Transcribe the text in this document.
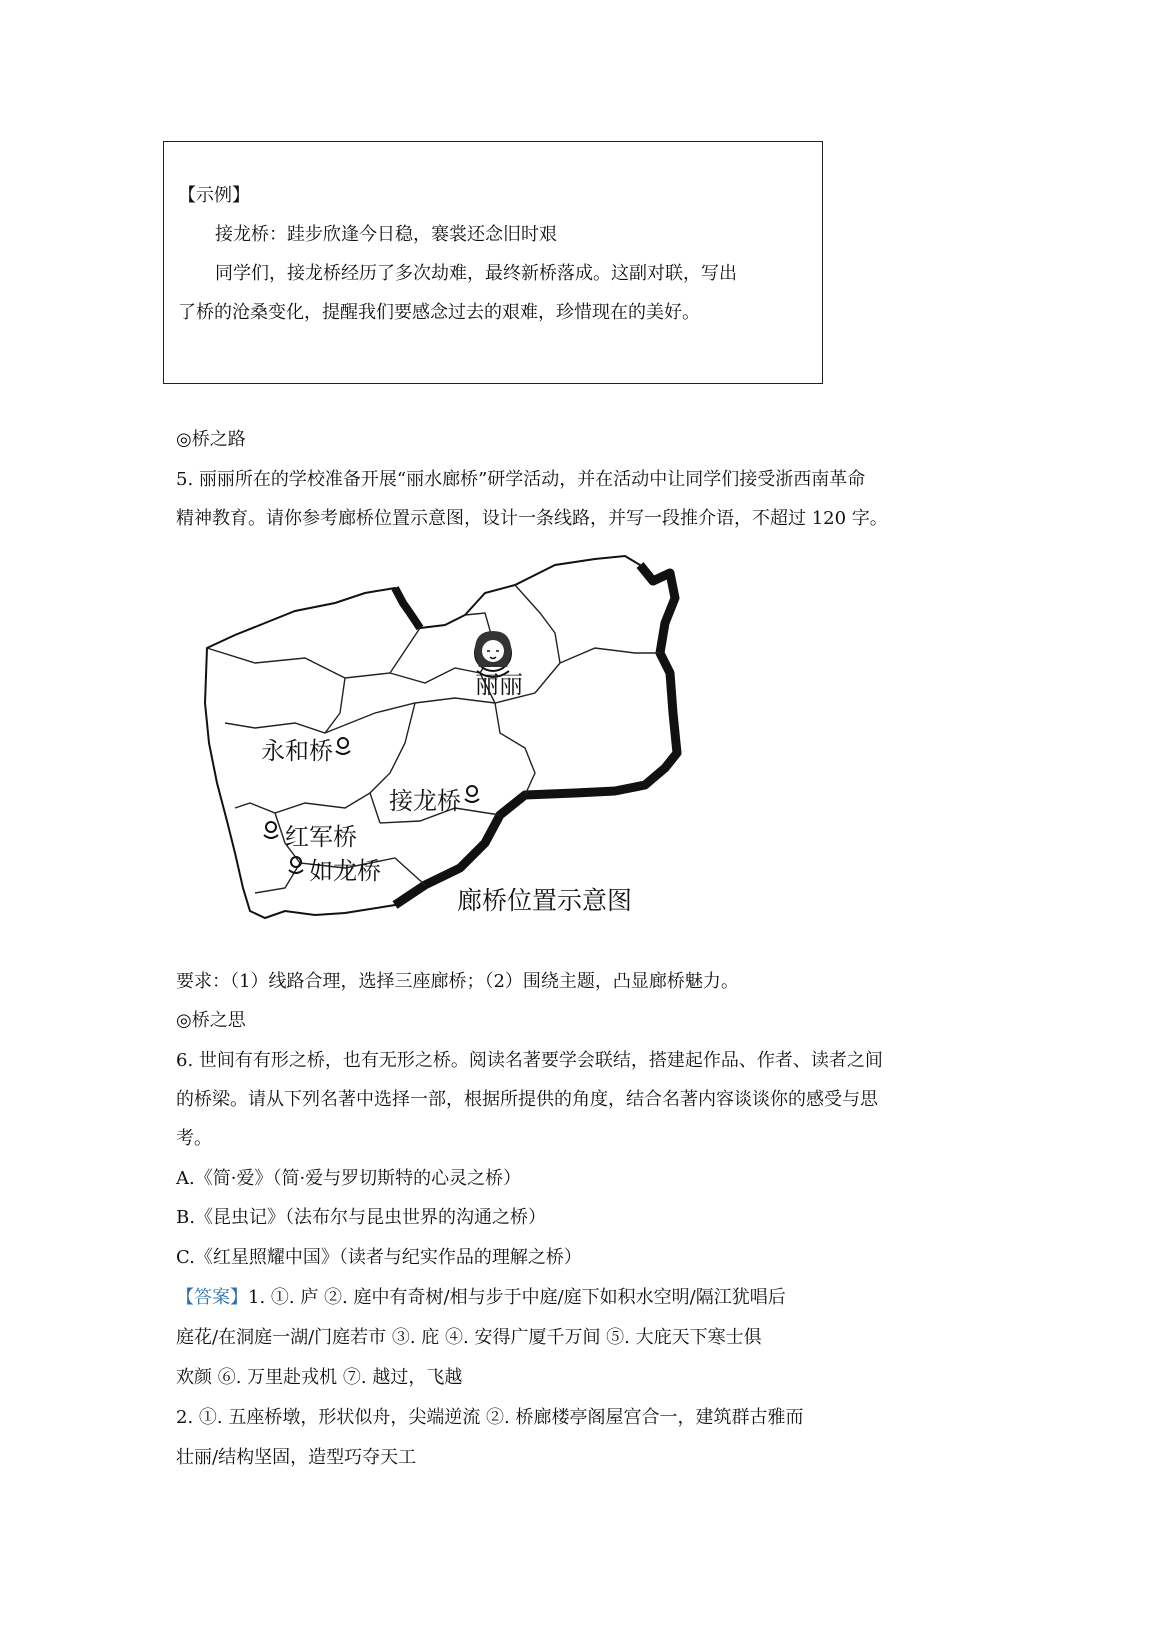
【示例】
接龙桥：跬步欣逢今日稳，褰裳还念旧时艰
同学们，接龙桥经历了多次劫难，最终新桥落成。这副对联，写出
了桥的沧桑变化，提醒我们要感念过去的艰难，珍惜现在的美好。
◎桥之路
5. 丽丽所在的学校准备开展“丽水廊桥”研学活动，并在活动中让同学们接受浙西南革命
精神教育。请你参考廊桥位置示意图，设计一条线路，并写一段推介语，不超过 120 字。
丽丽
永和桥
接龙桥
红军桥
如龙桥
廊桥位置示意图
要求：（1）线路合理，选择三座廊桥；（2）围绕主题，凸显廊桥魅力。
◎桥之思
6. 世间有有形之桥，也有无形之桥。阅读名著要学会联结，搭建起作品、作者、读者之间
的桥梁。请从下列名著中选择一部，根据所提供的角度，结合名著内容谈谈你的感受与思
考。
A.《简·爱》（简·爱与罗切斯特的心灵之桥）
B.《昆虫记》（法布尔与昆虫世界的沟通之桥）
C.《红星照耀中国》（读者与纪实作品的理解之桥）
【答案】1. ①. 庐 ②. 庭中有奇树/相与步于中庭/庭下如积水空明/隔江犹唱后
庭花/在洞庭一湖/门庭若市 ③. 庇 ④. 安得广厦千万间 ⑤. 大庇天下寒士俱
欢颜 ⑥. 万里赴戎机 ⑦. 越过，飞越
2. ①. 五座桥墩，形状似舟，尖端逆流 ②. 桥廊楼亭阁屋宫合一，建筑群古雅而
壮丽/结构坚固，造型巧夺天工
